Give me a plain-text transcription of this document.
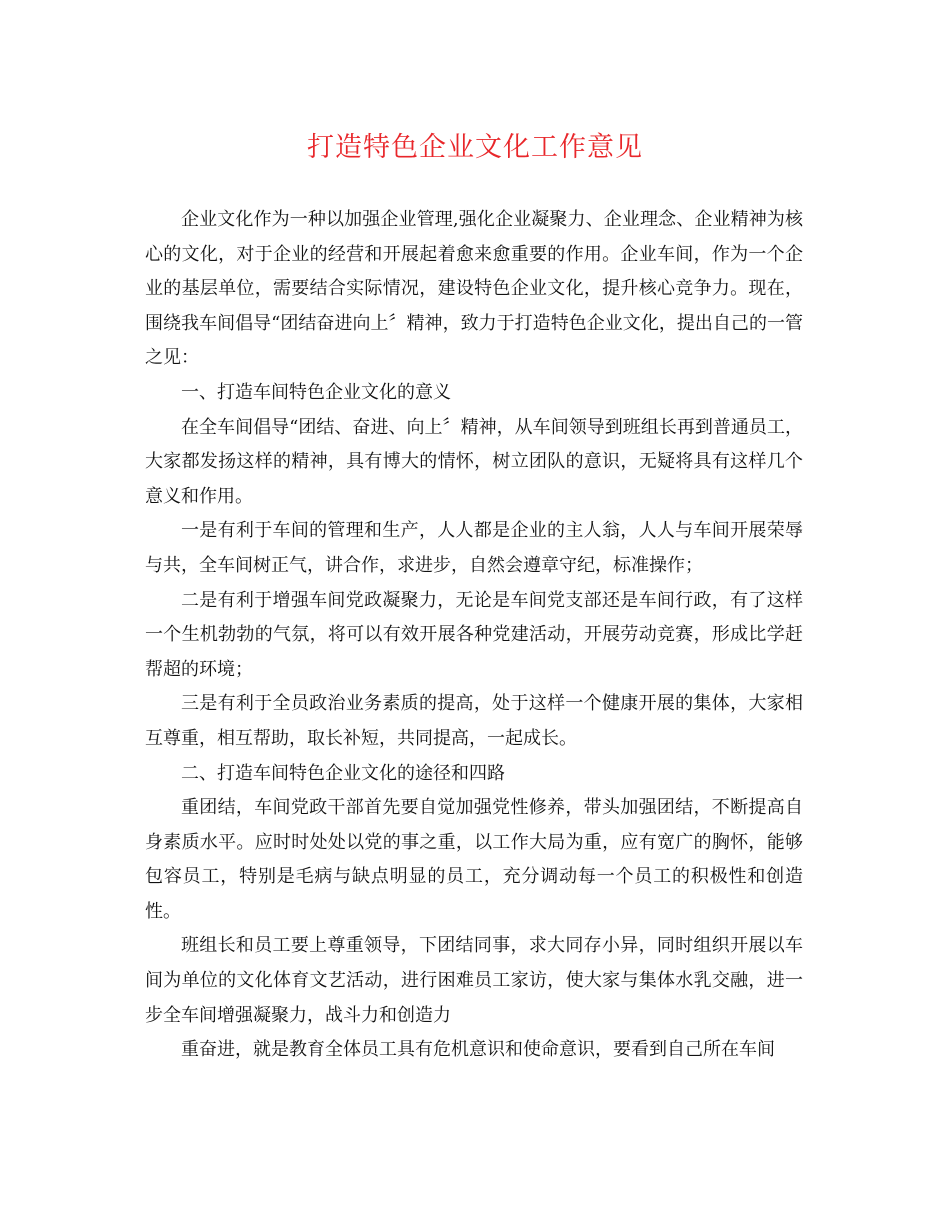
打造特色企业文化工作意见

企业文化作为一种以加强企业管理,强化企业凝聚力、企业理念、企业精神为核心的文化，对于企业的经营和开展起着愈来愈重要的作用。企业车间，作为一个企业的基层单位，需要结合实际情况，建设特色企业文化，提升核心竞争力。现在，围绕我车间倡导“团结奋进向上〞精神，致力于打造特色企业文化，提出自己的一管之见：

一、打造车间特色企业文化的意义

在全车间倡导“团结、奋进、向上〞精神，从车间领导到班组长再到普通员工，大家都发扬这样的精神，具有博大的情怀，树立团队的意识，无疑将具有这样几个意义和作用。

一是有利于车间的管理和生产，人人都是企业的主人翁，人人与车间开展荣辱与共，全车间树正气，讲合作，求进步，自然会遵章守纪，标准操作；

二是有利于增强车间党政凝聚力，无论是车间党支部还是车间行政，有了这样一个生机勃勃的气氛，将可以有效开展各种党建活动，开展劳动竞赛，形成比学赶帮超的环境；

三是有利于全员政治业务素质的提高，处于这样一个健康开展的集体，大家相互尊重，相互帮助，取长补短，共同提高，一起成长。

二、打造车间特色企业文化的途径和四路

重团结，车间党政干部首先要自觉加强党性修养，带头加强团结，不断提高自身素质水平。应时时处处以党的事之重，以工作大局为重，应有宽广的胸怀，能够包容员工，特别是毛病与缺点明显的员工，充分调动每一个员工的积极性和创造性。

班组长和员工要上尊重领导，下团结同事，求大同存小异，同时组织开展以车间为单位的文化体育文艺活动，进行困难员工家访，使大家与集体水乳交融，进一步全车间增强凝聚力，战斗力和创造力

重奋进，就是教育全体员工具有危机意识和使命意识，要看到自己所在车间
